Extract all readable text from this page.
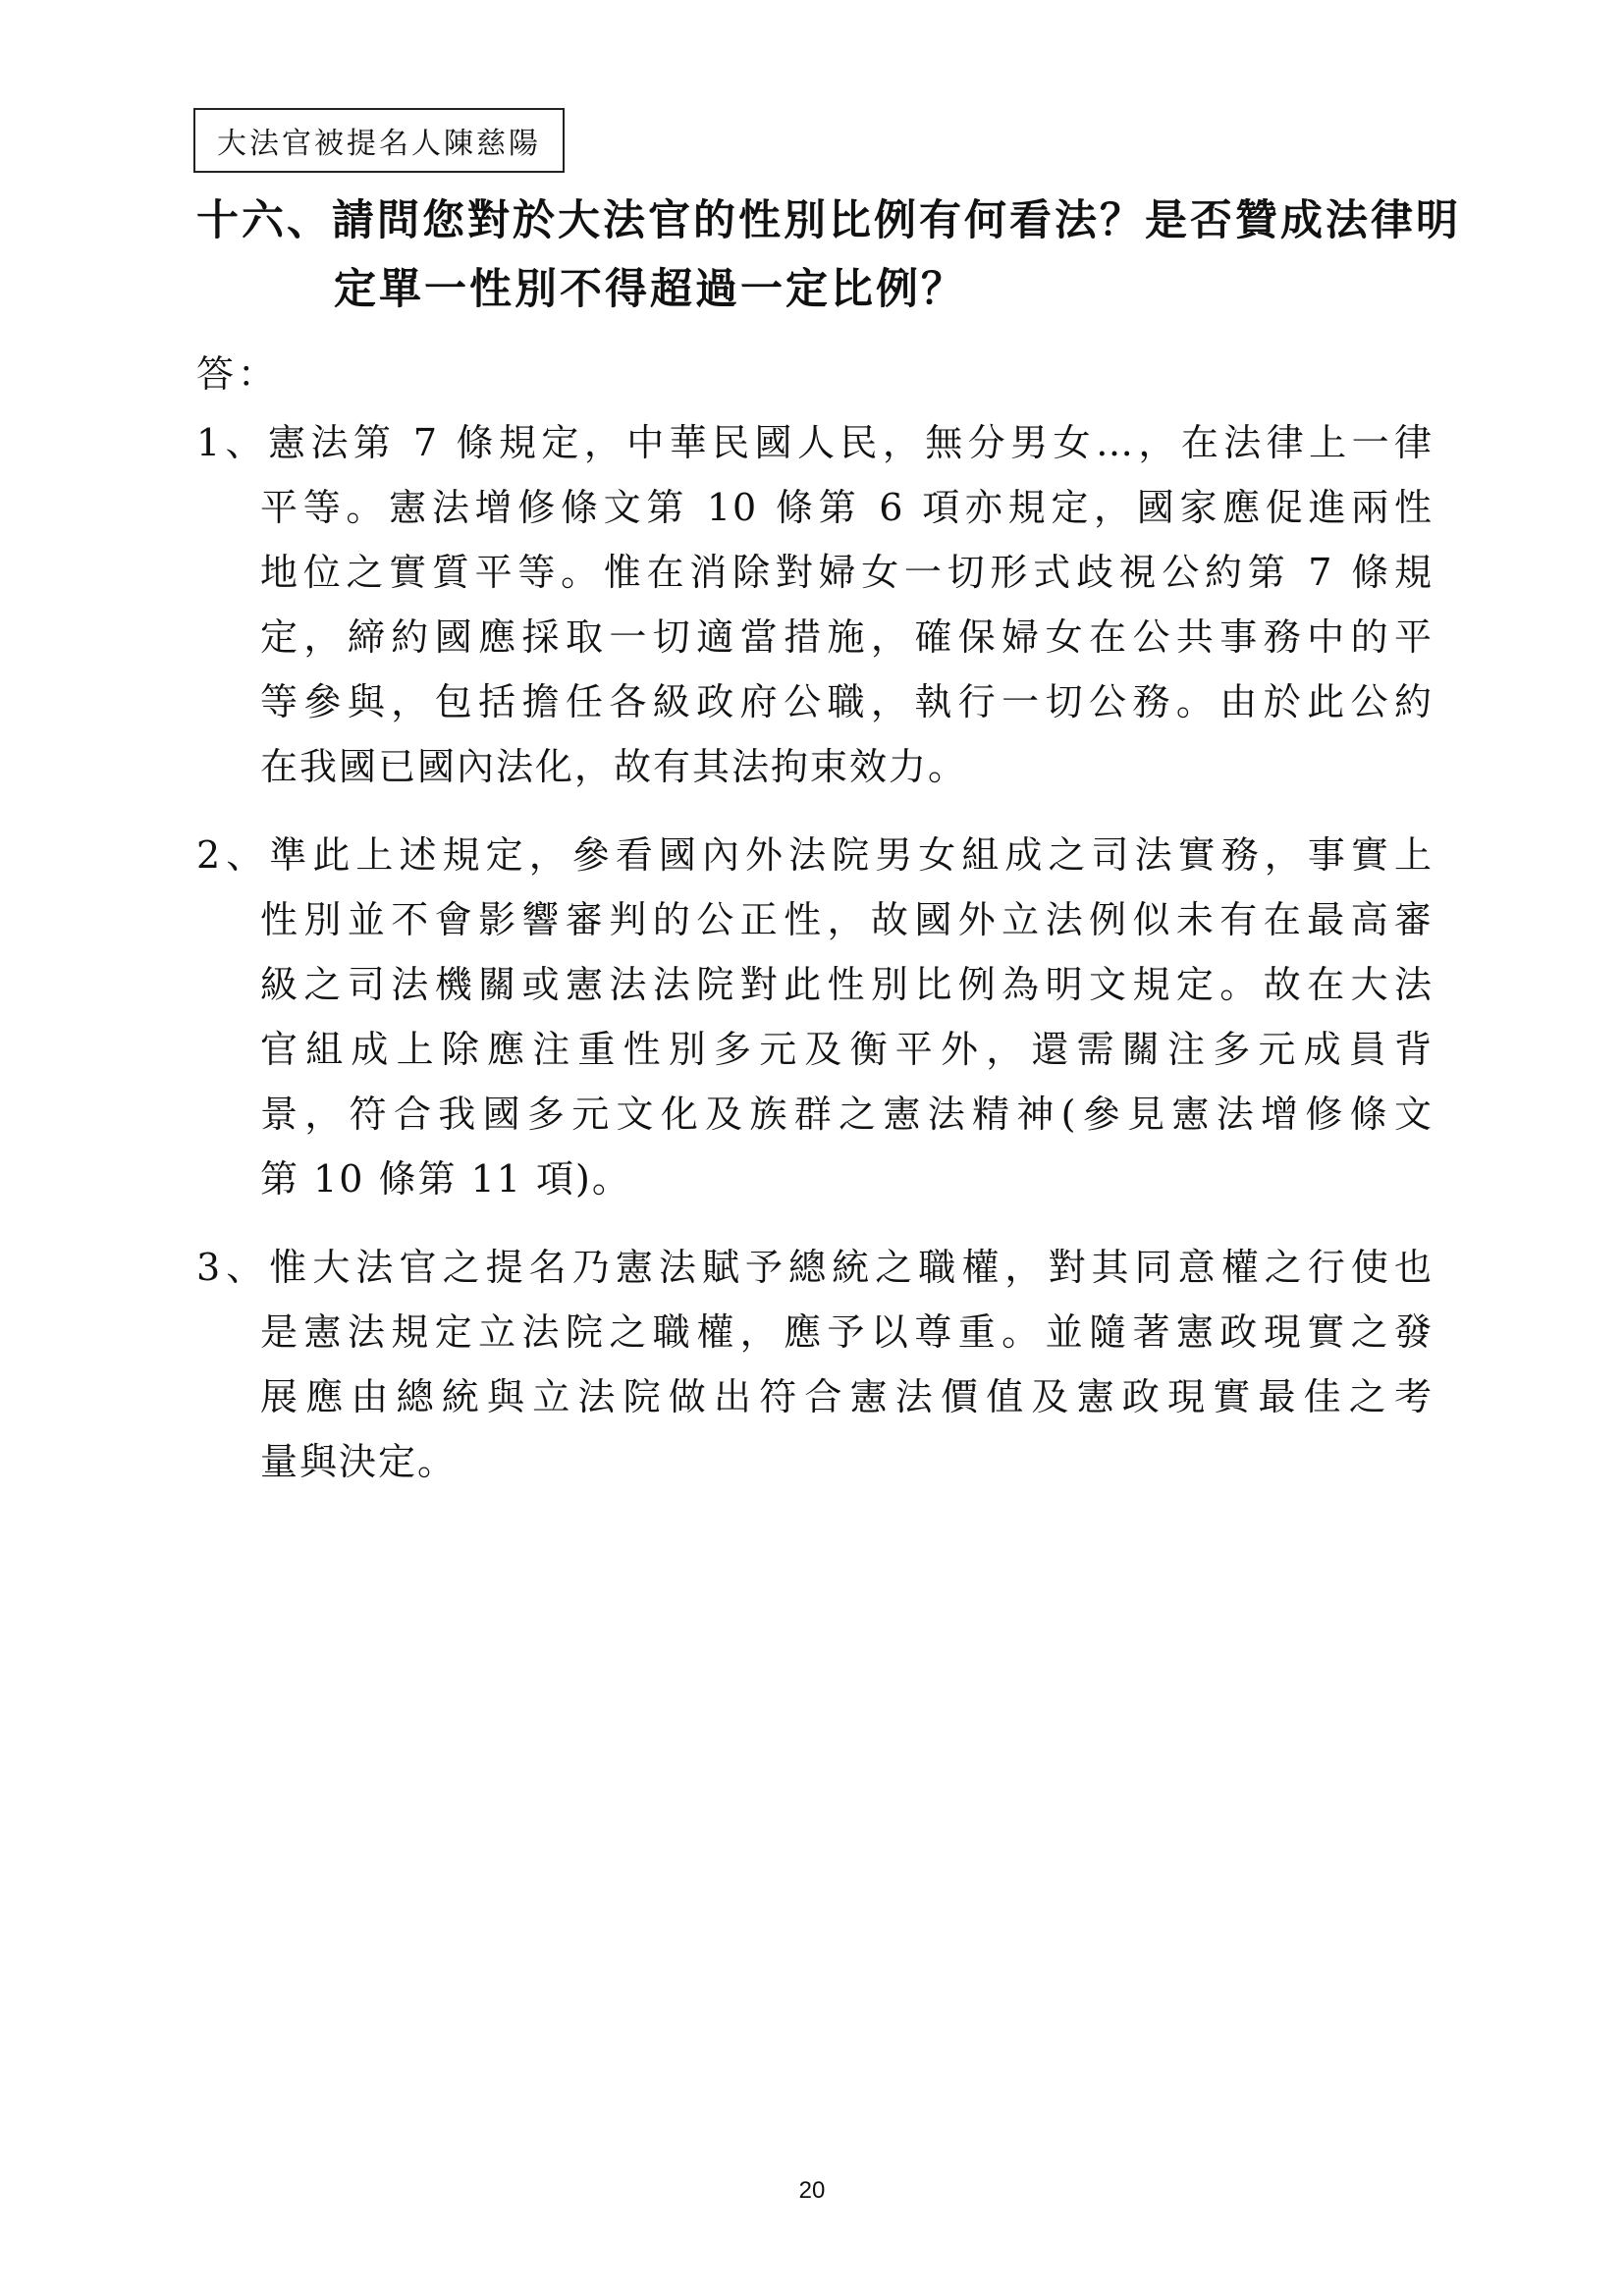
大法官被提名人陳慈陽
十六、請問您對於大法官的性別比例有何看法？是否贊成法律明
定單一性別不得超過一定比例？
答：
1、憲法第 7 條規定，中華民國人民，無分男女…，在法律上一律
平等。憲法增修條文第 10 條第 6 項亦規定，國家應促進兩性
地位之實質平等。惟在消除對婦女一切形式歧視公約第 7 條規
定，締約國應採取一切適當措施，確保婦女在公共事務中的平
等參與，包括擔任各級政府公職，執行一切公務。由於此公約
在我國已國內法化，故有其法拘束效力。
2、準此上述規定，參看國內外法院男女組成之司法實務，事實上
性別並不會影響審判的公正性，故國外立法例似未有在最高審
級之司法機關或憲法法院對此性別比例為明文規定。故在大法
官組成上除應注重性別多元及衡平外，還需關注多元成員背
景，符合我國多元文化及族群之憲法精神(參見憲法增修條文
第 10 條第 11 項)。
3、惟大法官之提名乃憲法賦予總統之職權，對其同意權之行使也
是憲法規定立法院之職權，應予以尊重。並隨著憲政現實之發
展應由總統與立法院做出符合憲法價值及憲政現實最佳之考
量與決定。
20
